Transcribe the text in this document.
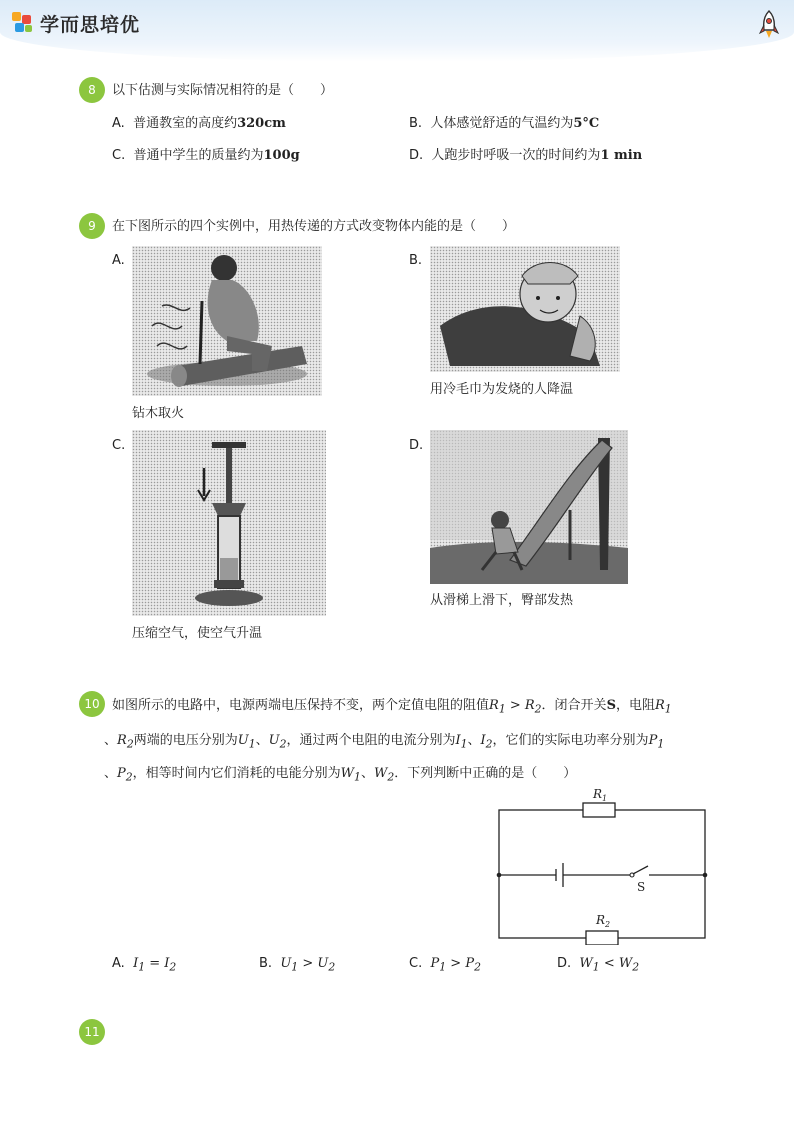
学而思培优
8	以下估测与实际情况相符的是（　　）
A. 普通教室的高度约320cm	B. 人体感觉舒适的气温约为5°C
C. 普通中学生的质量约为100g	D. 人跑步时呼吸一次的时间约为1 min
9	在下图所示的四个实例中，用热传递的方式改变物体内能的是（　　）
A.
钻木取火
B.
用冷毛巾为发烧的人降温
C.
压缩空气，使空气升温
D.
从滑梯上滑下，臀部发热
10 如图所示的电路中，电源两端电压保持不变，两个定值电阻的阻值$R_1 > R_2$．闭合开关S，电阻$R_1$
、$R_2$两端的电压分别为$U_1$、$U_2$，通过两个电阻的电流分别为$I_1$、$I_2$，它们的实际电功率分别为$P_1$
、$P_2$，相等时间内它们消耗的电能分别为$W_1$、$W_2$．下列判断中正确的是（　　）
$R_1$
$R_2$
S
A. $I_1 = I_2$	B. $U_1 > U_2$	C. $P_1 > P_2$	D. $W_1 < W_2$
11
